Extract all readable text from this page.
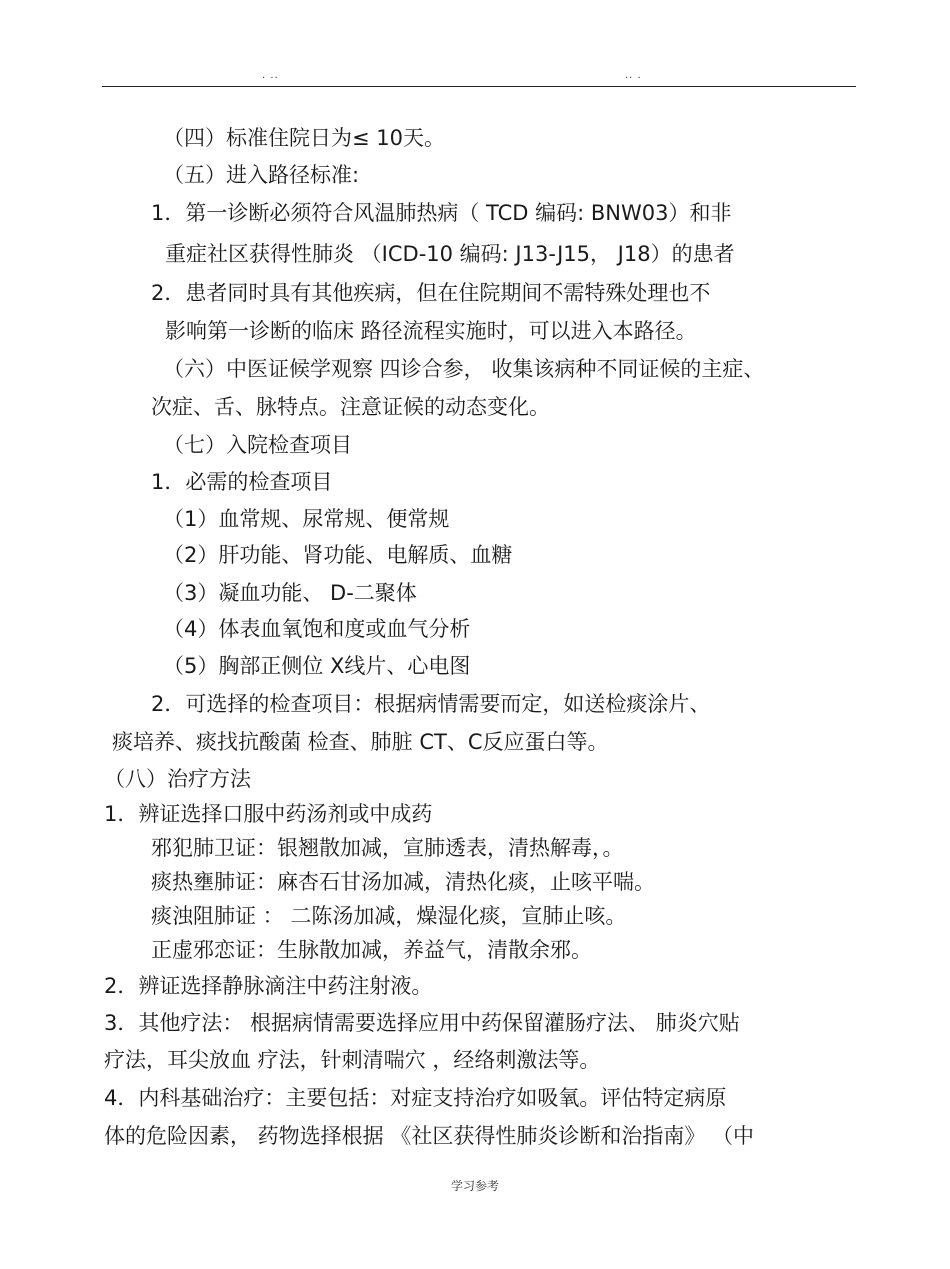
. ..	.. .
（四）标准住院日为≤ 10天。
（五）进入路径标准:
1．第一诊断必须符合风温肺热病（ TCD 编码: BNW03）和非
重症社区获得性肺炎 （ICD-10 编码: J13-J15， J18）的患者
2．患者同时具有其他疾病，但在住院期间不需特殊处理也不
影响第一诊断的临床 路径流程实施时，可以进入本路径。
（六）中医证候学观察 四诊合参， 收集该病种不同证候的主症、
次症、舌、脉特点。注意证候的动态变化。
（七）入院检查项目
1．必需的检查项目
（1）血常规、尿常规、便常规
（2）肝功能、肾功能、电解质、血糖
（3）凝血功能、 D-二聚体
（4）体表血氧饱和度或血气分析
（5）胸部正侧位 X线片、心电图
2．可选择的检查项目：根据病情需要而定，如送检痰涂片、
痰培养、痰找抗酸菌 检查、肺脏 CT、C反应蛋白等。
（八）治疗方法
1．辨证选择口服中药汤剂或中成药
邪犯肺卫证：银翘散加减，宣肺透表，清热解毒，。
痰热壅肺证：麻杏石甘汤加减，清热化痰，止咳平喘。
痰浊阻肺证 ： 二陈汤加减，燥湿化痰，宣肺止咳。
正虚邪恋证：生脉散加减，养益气，清散余邪。
2．辨证选择静脉滴注中药注射液。
3．其他疗法： 根据病情需要选择应用中药保留灌肠疗法、 肺炎穴贴
疗法，耳尖放血 疗法，针刺清喘穴 ，经络刺激法等。
4．内科基础治疗：主要包括：对症支持治疗如吸氧。评估特定病原
体的危险因素， 药物选择根据 《社区获得性肺炎诊断和治指南》 （中
学习参考
